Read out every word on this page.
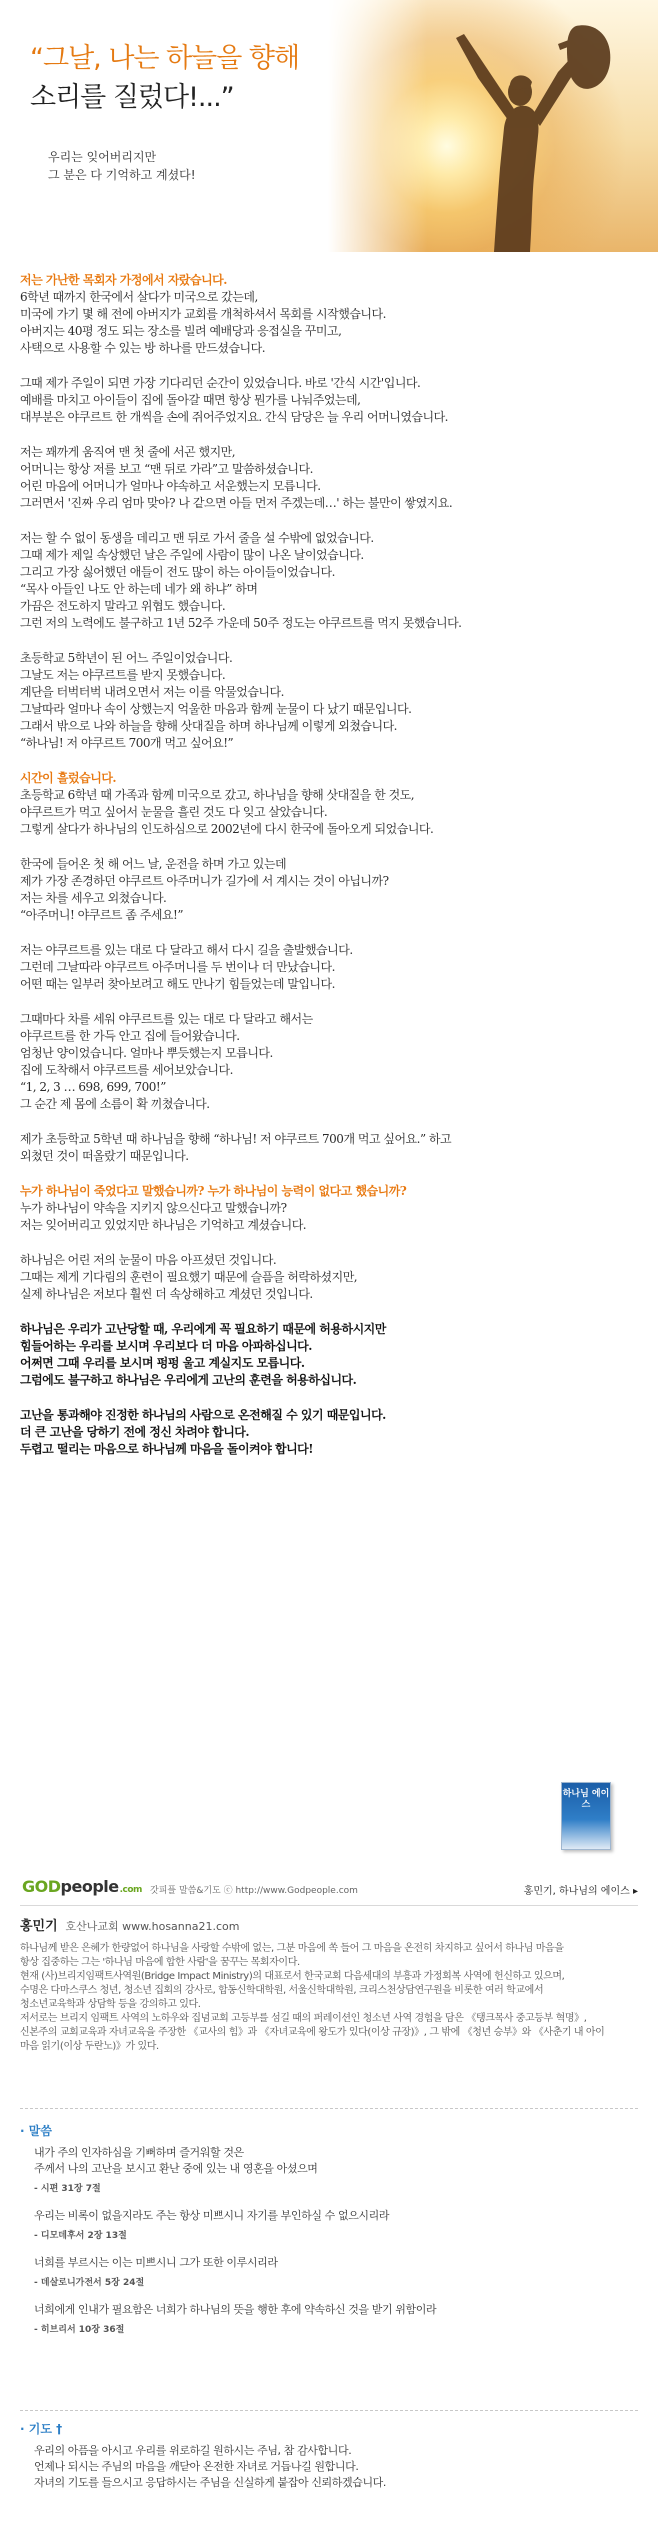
“그날, 나는 하늘을 향해
소리를 질렀다!...”
우리는 잊어버리지만
그 분은 다 기억하고 계셨다!

저는 가난한 목회자 가정에서 자랐습니다.
6학년 때까지 한국에서 살다가 미국으로 갔는데,
미국에 가기 몇 해 전에 아버지가 교회를 개척하셔서 목회를 시작했습니다.
아버지는 40평 정도 되는 장소를 빌려 예배당과 응접실을 꾸미고,
사택으로 사용할 수 있는 방 하나를 만드셨습니다.

그때 제가 주일이 되면 가장 기다리던 순간이 있었습니다. 바로 '간식 시간'입니다.
예배를 마치고 아이들이 집에 돌아갈 때면 항상 뭔가를 나눠주었는데,
대부분은 야쿠르트 한 개씩을 손에 쥐어주었지요. 간식 담당은 늘 우리 어머니였습니다.

저는 꽤까게 움직여 맨 첫 줄에 서곤 했지만,
어머니는 항상 저를 보고 “맨 뒤로 가라”고 말씀하셨습니다.
어린 마음에 어머니가 얼마나 야속하고 서운했는지 모릅니다.
그러면서 '진짜 우리 엄마 맞아? 나 같으면 아들 먼저 주겠는데…' 하는 불만이 쌓였지요.

저는 할 수 없이 동생을 데리고 맨 뒤로 가서 줄을 설 수밖에 없었습니다.
그때 제가 제일 속상했던 날은 주일에 사람이 많이 나온 날이었습니다.
그리고 가장 싫어했던 애들이 전도 많이 하는 아이들이었습니다.
“목사 아들인 나도 안 하는데 네가 왜 하냐” 하며
가끔은 전도하지 말라고 위협도 했습니다.
그런 저의 노력에도 불구하고 1년 52주 가운데 50주 정도는 야쿠르트를 먹지 못했습니다.

초등학교 5학년이 된 어느 주일이었습니다.
그날도 저는 야쿠르트를 받지 못했습니다.
계단을 터벅터벅 내려오면서 저는 이를 악물었습니다.
그날따라 얼마나 속이 상했는지 억울한 마음과 함께 눈물이 다 났기 때문입니다.
그래서 밖으로 나와 하늘을 향해 삿대질을 하며 하나님께 이렇게 외쳤습니다.
“하나님! 저 야쿠르트 700개 먹고 싶어요!”

시간이 흘렀습니다.
초등학교 6학년 때 가족과 함께 미국으로 갔고, 하나님을 향해 삿대질을 한 것도,
야쿠르트가 먹고 싶어서 눈물을 흘린 것도 다 잊고 살았습니다.
그렇게 살다가 하나님의 인도하심으로 2002년에 다시 한국에 돌아오게 되었습니다.

한국에 들어온 첫 해 어느 날, 운전을 하며 가고 있는데
제가 가장 존경하던 야쿠르트 아주머니가 길가에 서 계시는 것이 아닙니까?
저는 차를 세우고 외쳤습니다.
“아주머니! 야쿠르트 좀 주세요!”

저는 야쿠르트를 있는 대로 다 달라고 해서 다시 길을 출발했습니다.
그런데 그날따라 야쿠르트 아주머니를 두 번이나 더 만났습니다.
어떤 때는 일부러 찾아보려고 해도 만나기 힘들었는데 말입니다.

그때마다 차를 세워 야쿠르트를 있는 대로 다 달라고 해서는
야쿠르트를 한 가득 안고 집에 들어왔습니다.
엄청난 양이었습니다. 얼마나 뿌듯했는지 모릅니다.
집에 도착해서 야쿠르트를 세어보았습니다.
“1, 2, 3 … 698, 699, 700!”
그 순간 제 몸에 소름이 확 끼쳤습니다.

제가 초등학교 5학년 때 하나님을 향해 “하나님! 저 야쿠르트 700개 먹고 싶어요.” 하고
외쳤던 것이 떠올랐기 때문입니다.

누가 하나님이 죽었다고 말했습니까? 누가 하나님이 능력이 없다고 했습니까?
누가 하나님이 약속을 지키지 않으신다고 말했습니까?
저는 잊어버리고 있었지만 하나님은 기억하고 계셨습니다.

하나님은 어린 저의 눈물이 마음 아프셨던 것입니다.
그때는 제게 기다림의 훈련이 필요했기 때문에 슬픔을 허락하셨지만,
실제 하나님은 저보다 훨씬 더 속상해하고 계셨던 것입니다.

하나님은 우리가 고난당할 때, 우리에게 꼭 필요하기 때문에 허용하시지만
힘들어하는 우리를 보시며 우리보다 더 마음 아파하십니다.
어쩌면 그때 우리를 보시며 펑펑 울고 계실지도 모릅니다.
그럼에도 불구하고 하나님은 우리에게 고난의 훈련을 허용하십니다.

고난을 통과해야 진정한 하나님의 사람으로 온전해질 수 있기 때문입니다.
더 큰 고난을 당하기 전에 정신 차려야 합니다.
두렵고 떨리는 마음으로 하나님께 마음을 돌이켜야 합니다!

하나님 에이스
GODpeople.com 갓피플 말씀&기도 ⓒ http://www.Godpeople.com	홍민기, 하나님의 에이스 ▸
홍민기 호산나교회 www.hosanna21.com
하나님께 받은 은혜가 한량없어 하나님을 사랑할 수밖에 없는, 그분 마음에 쏙 들어 그 마음을 온전히 차지하고 싶어서 하나님 마음을
항상 집중하는 그는 '하나님 마음에 합한 사람'을 꿈꾸는 목회자이다.
현재 (사)브리지임팩트사역원(Bridge Impact Ministry)의 대표로서 한국교회 다음세대의 부흥과 가정회복 사역에 헌신하고 있으며,
수명은 다마스쿠스 청년, 청소년 집회의 강사로, 합동신학대학원, 서울신학대학원, 크리스천상담연구원을 비롯한 여러 학교에서
청소년교육학과 상담학 등을 강의하고 있다.
저서로는 브리지 임팩트 사역의 노하우와 집념교회 고등부를 섬길 때의 퍼레이션인 청소년 사역 경험을 담은 《탱크목사 중고등부 혁명》,
신본주의 교회교육과 자녀교육을 주장한 《교사의 힘》과 《자녀교육에 왕도가 있다(이상 규장)》, 그 밖에 《청년 승부》와 《사춘기 내 아이
마음 읽기(이상 두란노)》가 있다.
· 말씀
내가 주의 인자하심을 기뻐하며 즐거워할 것은
주께서 나의 고난을 보시고 환난 중에 있는 내 영혼을 아셨으며
- 시편 31장 7절
우리는 비록이 없을지라도 주는 항상 미쁘시니 자기를 부인하실 수 없으시리라
- 디모데후서 2장 13절
너희를 부르시는 이는 미쁘시니 그가 또한 이루시리라
- 데살로니가전서 5장 24절
너희에게 인내가 필요함은 너희가 하나님의 뜻을 행한 후에 약속하신 것을 받기 위함이라
- 히브리서 10장 36절
· 기도 †
우리의 아픔을 아시고 우리를 위로하길 원하시는 주님, 참 감사합니다.
언제나 되시는 주님의 마음을 깨닫아 온전한 자녀로 거듭나길 원합니다.
자녀의 기도를 들으시고 응답하시는 주님을 신실하게 붙잡아 신뢰하겠습니다.
